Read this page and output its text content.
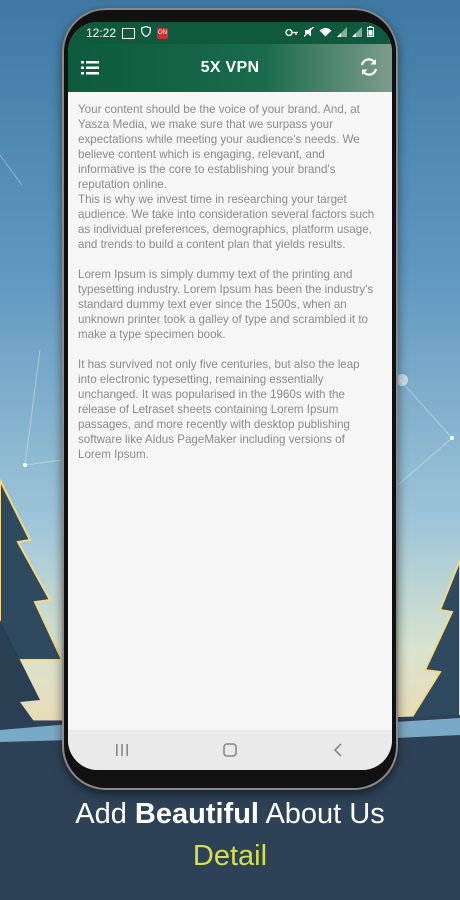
12:22	ON
5X VPN

Your content should be the voice of your brand. And, at Yasza Media, we make sure that we surpass your expectations while meeting your audience's needs. We believe content which is engaging, relevant, and informative is the core to establishing your brand's reputation online.

This is why we invest time in researching your target audience. We take into consideration several factors such as individual preferences, demographics, platform usage, and trends to build a content plan that yields results.

Lorem Ipsum is simply dummy text of the printing and typesetting industry. Lorem Ipsum has been the industry's standard dummy text ever since the 1500s, when an unknown printer took a galley of type and scrambled it to make a type specimen book.

It has survived not only five centuries, but also the leap into electronic typesetting, remaining essentially unchanged. It was popularised in the 1960s with the release of Letraset sheets containing Lorem Ipsum passages, and more recently with desktop publishing software like Aldus PageMaker including versions of Lorem Ipsum.

Add Beautiful About Us
Detail
